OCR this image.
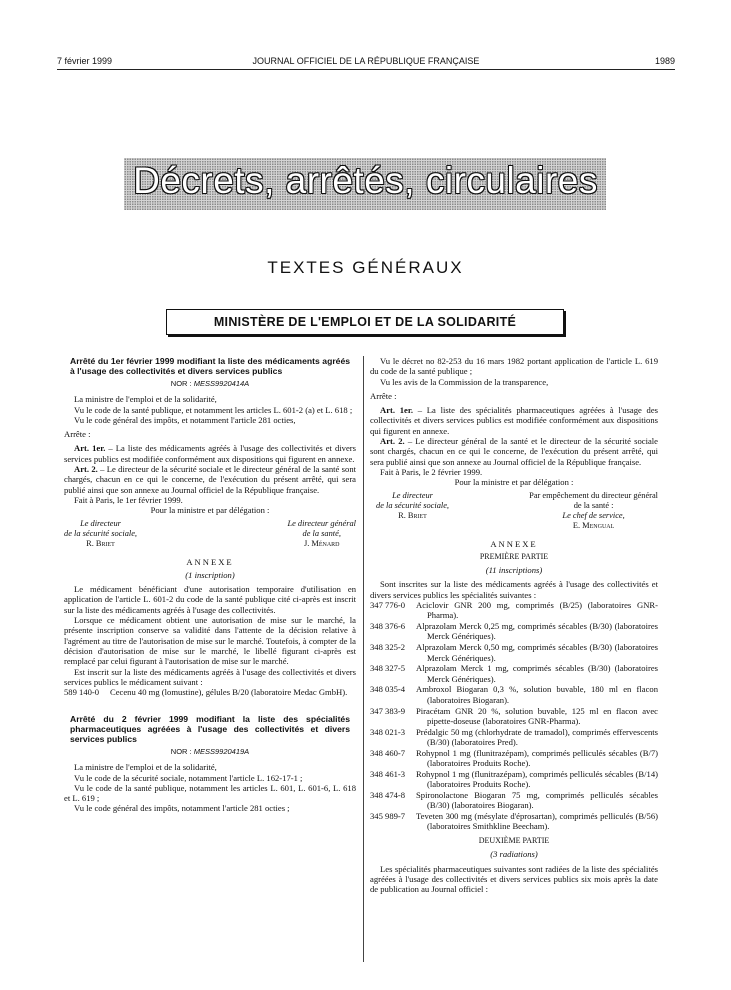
7 février 1999	JOURNAL OFFICIEL DE LA RÉPUBLIQUE FRANÇAISE	1989
Décrets, arrêtés, circulaires
TEXTES GÉNÉRAUX
MINISTÈRE DE L'EMPLOI ET DE LA SOLIDARITÉ
Arrêté du 1er février 1999 modifiant la liste des médicaments agréés à l'usage des collectivités et divers services publics
NOR : MESS9920414A

La ministre de l'emploi et de la solidarité,

Vu le code de la santé publique, et notamment les articles L. 601-2 (a) et L. 618 ;

Vu le code général des impôts, et notamment l'article 281 octies,

Arrête :

Art. 1er. – La liste des médicaments agréés à l'usage des collectivités et divers services publics est modifiée conformément aux dispositions qui figurent en annexe.

Art. 2. – Le directeur de la sécurité sociale et le directeur général de la santé sont chargés, chacun en ce qui le concerne, de l'exécution du présent arrêté, qui sera publié ainsi que son annexe au Journal officiel de la République française.

Fait à Paris, le 1er février 1999.

Pour la ministre et par délégation :

Le directeur
de la sécurité sociale,
R. Briet
Le directeur général
de la santé,
J. Ménard
ANNEXE
(1 inscription)

Le médicament bénéficiant d'une autorisation temporaire d'utilisation en application de l'article L. 601-2 du code de la santé publique cité ci-après est inscrit sur la liste des médicaments agréés à l'usage des collectivités.

Lorsque ce médicament obtient une autorisation de mise sur le marché, la présente inscription conserve sa validité dans l'attente de la décision relative à l'agrément au titre de l'autorisation de mise sur le marché. Toutefois, à compter de la décision d'autorisation de mise sur le marché, le libellé figurant ci-après est remplacé par celui figurant à l'autorisation de mise sur le marché.

Est inscrit sur la liste des médicaments agréés à l'usage des collectivités et divers services publics le médicament suivant :

589 140-0	Cecenu 40 mg (lomustine), gélules B/20 (laboratoire Medac GmbH).
Arrêté du 2 février 1999 modifiant la liste des spécialités pharmaceutiques agréées à l'usage des collectivités et divers services publics
NOR : MESS9920419A

La ministre de l'emploi et de la solidarité,

Vu le code de la sécurité sociale, notamment l'article L. 162-17-1 ;

Vu le code de la santé publique, notamment les articles L. 601, L. 601-6, L. 618 et L. 619 ;

Vu le code général des impôts, notamment l'article 281 octies ;

Vu le décret no 82-253 du 16 mars 1982 portant application de l'article L. 619 du code de la santé publique ;

Vu les avis de la Commission de la transparence,

Arrête :

Art. 1er. – La liste des spécialités pharmaceutiques agréées à l'usage des collectivités et divers services publics est modifiée conformément aux dispositions qui figurent en annexe.

Art. 2. – Le directeur général de la santé et le directeur de la sécurité sociale sont chargés, chacun en ce qui le concerne, de l'exécution du présent arrêté, qui sera publié ainsi que son annexe au Journal officiel de la République française.

Fait à Paris, le 2 février 1999.

Pour la ministre et par délégation :

Le directeur
de la sécurité sociale,
R. Briet
Par empêchement du directeur général
de la santé :
Le chef de service,
E. Mengual
ANNEXE
PREMIÈRE PARTIE
(11 inscriptions)

Sont inscrites sur la liste des médicaments agréés à l'usage des collectivités et divers services publics les spécialités suivantes :

347 776-0	Aciclovir GNR 200 mg, comprimés (B/25) (laboratoires GNR-Pharma).
348 376-6	Alprazolam Merck 0,25 mg, comprimés sécables (B/30) (laboratoires Merck Génériques).
348 325-2	Alprazolam Merck 0,50 mg, comprimés sécables (B/30) (laboratoires Merck Génériques).
348 327-5	Alprazolam Merck 1 mg, comprimés sécables (B/30) (laboratoires Merck Génériques).
348 035-4	Ambroxol Biogaran 0,3 %, solution buvable, 180 ml en flacon (laboratoires Biogaran).
347 383-9	Piracétam GNR 20 %, solution buvable, 125 ml en flacon avec pipette-doseuse (laboratoires GNR-Pharma).
348 021-3	Prédalgic 50 mg (chlorhydrate de tramadol), comprimés effervescents (B/30) (laboratoires Pred).
348 460-7	Rohypnol 1 mg (flunitrazépam), comprimés pelliculés sécables (B/7) (laboratoires Produits Roche).
348 461-3	Rohypnol 1 mg (flunitrazépam), comprimés pelliculés sécables (B/14) (laboratoires Produits Roche).
348 474-8	Spironolactone Biogaran 75 mg, comprimés pelliculés sécables (B/30) (laboratoires Biogaran).
345 989-7	Teveten 300 mg (mésylate d'éprosartan), comprimés pelliculés (B/56) (laboratoires Smithkline Beecham).
DEUXIÈME PARTIE
(3 radiations)

Les spécialités pharmaceutiques suivantes sont radiées de la liste des spécialités agréées à l'usage des collectivités et divers services publics six mois après la date de publication au Journal officiel :
